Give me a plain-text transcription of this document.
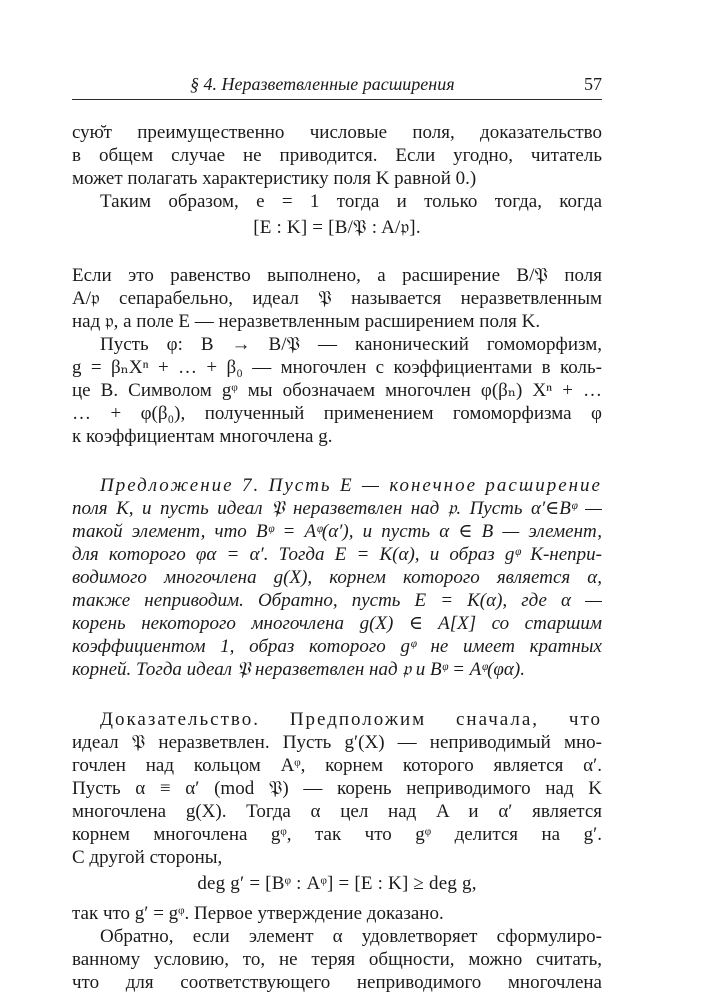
§ 4. Неразветвленные расширения	57
сую̆т преимущественно числовые поля, доказательство
в общем случае не приводится. Если угодно, читатель
может полагать характеристику поля K равной 0.)
Таким образом, e = 1 тогда и только тогда, когда
[E : K] = [B/𝔓 : A/𝔭].
Если это равенство выполнено, а расширение B/𝔓 поля
A/𝔭 сепарабельно, идеал 𝔓 называется неразветвленным
над 𝔭, а поле E — неразветвленным расширением поля K.
Пусть φ: B → B/𝔓 — канонический гомоморфизм,
g = βₙXⁿ + … + β₀ — многочлен с коэффициентами в коль-
це B. Символом gᵠ мы обозначаем многочлен φ(βₙ) Xⁿ + …
… + φ(β₀), полученный применением гомоморфизма φ
к коэффициентам многочлена g.
Предложение 7. Пусть E — конечное расширение
поля K, и пусть идеал 𝔓 неразветвлен над 𝔭. Пусть α′∈Bᵠ —
такой элемент, что Bᵠ = Aᵠ(α′), и пусть α ∈ B — элемент,
для которого φα = α′. Тогда E = K(α), и образ gᵠ K-непри-
водимого многочлена g(X), корнем которого является α,
также неприводим. Обратно, пусть E = K(α), где α —
корень некоторого многочлена g(X) ∈ A[X] со старшим
коэффициентом 1, образ которого gᵠ не имеет кратных
корней. Тогда идеал 𝔓 неразветвлен над 𝔭 и Bᵠ = Aᵠ(φα).
Доказательство. Предположим сначала, что
идеал 𝔓 неразветвлен. Пусть g′(X) — неприводимый мно-
гочлен над кольцом Aᵠ, корнем которого является α′.
Пусть α ≡ α′ (mod 𝔓) — корень неприводимого над K
многочлена g(X). Тогда α цел над A и α′ является
корнем многочлена gᵠ, так что gᵠ делится на g′.
С другой стороны,
deg g′ = [Bᵠ : Aᵠ] = [E : K] ≥ deg g,
так что g′ = gᵠ. Первое утверждение доказано.
Обратно, если элемент α удовлетворяет сформулиро-
ванному условию, то, не теряя общности, можно считать,
что для соответствующего неприводимого многочлена
